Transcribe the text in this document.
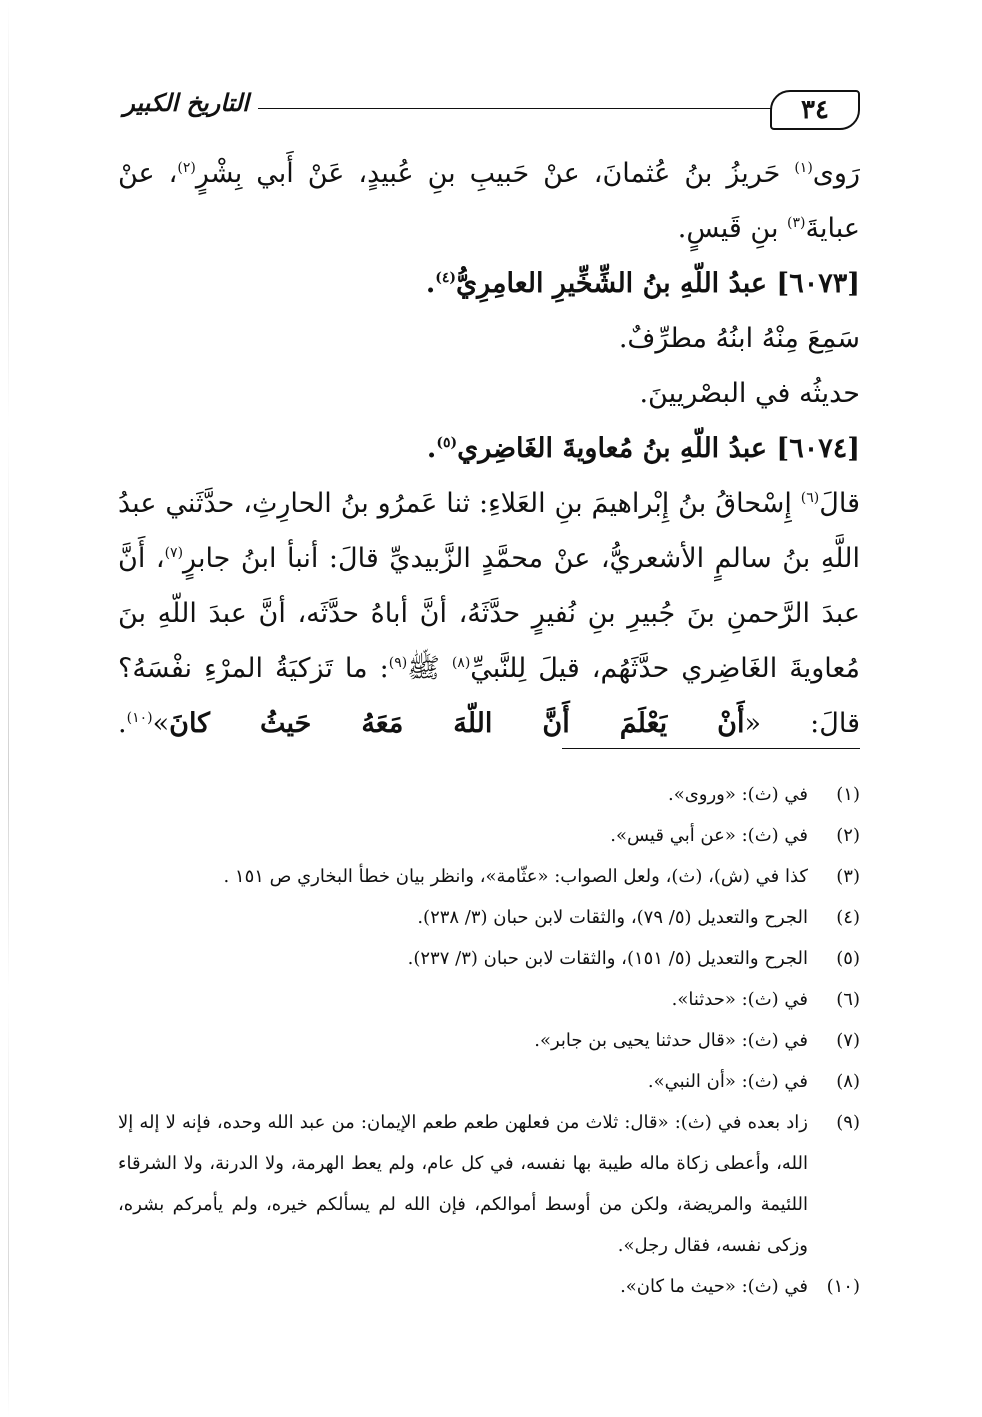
٣٤
التاريخ الكبير

رَوى$^{(١)}$ حَريزُ بنُ عُثمانَ، عنْ حَبيبِ بنِ عُبيدٍ، عَنْ أَبي بِشْرٍ$^{(٢)}$، عنْ عبايةَ$^{(٣)}$ بنِ قَيسٍ.

[٦٠٧٣] عبدُ اللّهِ بنُ الشِّخِّيرِ العامِرِيُّ$^{(٤)}$.

سَمِعَ مِنْهُ ابنُهُ مطرِّفٌ.

حديثُه في البصْريينَ.

[٦٠٧٤] عبدُ اللّهِ بنُ مُعاويةَ الغَاضِري$^{(٥)}$.

قالَ$^{(٦)}$ إِسْحاقُ بنُ إِبْراهيمَ بنِ العَلاءِ: ثنا عَمرُو بنُ الحارِثِ، حدَّثَني عبدُ اللَّهِ بنُ سالمٍ الأشعريُّ، عنْ محمَّدٍ الزَّبيديِّ قالَ: أنبأ ابنُ جابرٍ$^{(٧)}$، أَنَّ عبدَ الرَّحمنِ بنَ جُبيرِ بنِ نُفيرٍ حدَّثَهُ، أنَّ أباهُ حدَّثَه، أنَّ عبدَ اللّهِ بنَ مُعاويةَ الغَاضِري حدَّثَهُم، قيلَ لِلنَّبيِّ$^{(٨)}$ ﷺ$^{(٩)}$: ما تَزكيَةُ المرْءِ نفْسَهُ؟ قالَ: «أَنْ يَعْلَمَ أَنَّ اللّهَ مَعَهُ حَيثُ كانَ»$^{(١٠)}$.

(١)
في (ث): «وروى».
(٢)
في (ث): «عن أبي قيس».
(٣)
كذا في (ش)، (ث)، ولعل الصواب: «عثّامة»، وانظر بيان خطأ البخاري ص ١٥١ .
(٤)
الجرح والتعديل (٥/ ٧٩)، والثقات لابن حبان (٣/ ٢٣٨).
(٥)
الجرح والتعديل (٥/ ١٥١)، والثقات لابن حبان (٣/ ٢٣٧).
(٦)
في (ث): «حدثنا».
(٧)
في (ث): «قال حدثنا يحيى بن جابر».
(٨)
في (ث): «أن النبي».
(٩)
زاد بعده في (ث): «قال: ثلاث من فعلهن طعم طعم الإيمان: من عبد الله وحده، فإنه لا إله إلا الله، وأعطى زكاة ماله طيبة بها نفسه، في كل عام، ولم يعط الهرمة، ولا الدرنة، ولا الشرقاء اللئيمة والمريضة، ولكن من أوسط أموالكم، فإن الله لم يسألكم خيره، ولم يأمركم بشره، وزكى نفسه، فقال رجل».
(١٠)
في (ث): «حيث ما كان».
